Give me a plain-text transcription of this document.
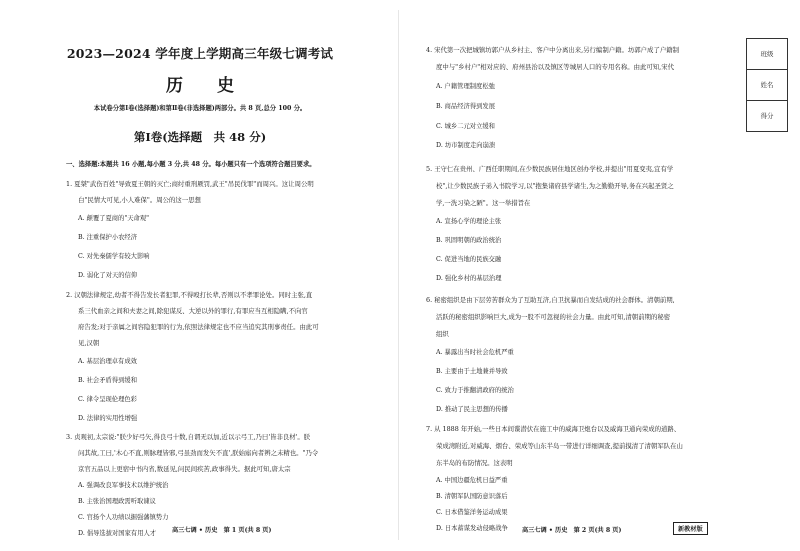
2023—2024 学年度上学期高三年级七调考试
历 史
本试卷分第Ⅰ卷(选择题)和第Ⅱ卷(非选择题)两部分。共 8 页,总分 100 分。
第Ⅰ卷(选择题　共 48 分)
一、选择题:本题共 16 小题,每小题 3 分,共 48 分。每小题只有一个选项符合题目要求。
1. 夏桀"武伤百姓"导致夏王朝的灭亡;商纣重刑厥罚,武王"吊民伐罪"而周兴。这让周公明
白"民情大可见,小人难保"。周公的这一思想
A. 颠覆了夏商的"天命观"
B. 注重保护小农经济
C. 对先秦儒学有较大影响
D. 弱化了对天的信仰
2. 汉朝法律规定,幼者不得告发长者犯罪,不得殴打长辈,否则以不孝罪论处。同时主张,直
系三代血亲之间和夫妻之间,除犯谋反、大逆以外的罪行,有罪应当互相隐瞒,不向官
府告发;对于亲属之间容隐犯罪的行为,依照法律规定也不应当追究其刑事责任。由此可
见,汉朝
A. 基层治理卓有成效
B. 社会矛盾得到缓和
C. 律令呈现伦理色彩
D. 法律的实用性增强
3. 贞观初,太宗说:"朕少好弓矢,得良弓十数,自谓无以加,近以示弓工,乃曰'皆非良材'。朕
问其故,工曰,'木心不直,则脉理皆邪,弓虽劲而发矢不直',朕始寤向者辨之未精也。"乃令
京官五品以上更宿中书内省,数延见,问民间疾苦,政事得失。据此可知,唐太宗
A. 强调改良军事技术以维护统治
B. 主张治国理政需听取谏议
C. 官扬个人功绩以掘强藩镇势力
D. 倡导选拔对国家有用人才	高三七调 • 历史　第 1 页(共 8 页)
4. 宋代第一次把城镇坊郭户从乡村主、客户中分离出来,另行编制户籍。坊郭户成了户籍制
度中与"乡村户"相对应的、府州县治以及镇区等城居人口的专用名称。由此可知,宋代
A. 户籍管理制度松弛
B. 商品经济得到发展
C. 城乡二元对立缓和
D. 坊市制度走向崩溃
5. 王守仁在贵州、广西任职期间,在少数民族居住地区创办学校,并提出"用夏变夷,宜有学
校",让少数民族子弟入书院学习,以"抱集诸府县学诸生,为之勤勤开导,务在兴起圣贤之
学,一洗习染之陋"。这一举措旨在
A. 宣扬心学的理论主张
B. 巩固明朝的政治统治
C. 促进当地的民族交融
D. 强化乡村的基层治理
6. 秘密组织是由下层劳苦群众为了互助互济,自卫抗暴而自发结成的社会群体。清朝前期,
活跃的秘密组织影响巨大,成为一股不可忽视的社会力量。由此可知,清朝前期的秘密
组织
A. 暴露出当时社会危机严重
B. 主要由于土地兼并导致
C. 致力于推翻清政府的统治
D. 推动了民主思想的传播
7. 从 1888 年开始,一些日本间谍潜伏在施工中的威海卫炮台以及威海卫通向荣成的道路、
荣成湾附近,对威海、烟台、荣成等山东半岛一带进行详细调查,提前摸清了清朝军队在山
东半岛的布防情况。这表明
A. 中国边疆危机日益严重
B. 清朝军队国防意识落后
C. 日本借鉴洋务运动成果
D. 日本蓄谋发动侵略战争 高三七调 • 历史　第 2 页(共 8 页)	新教材版
班级
姓名
得分
